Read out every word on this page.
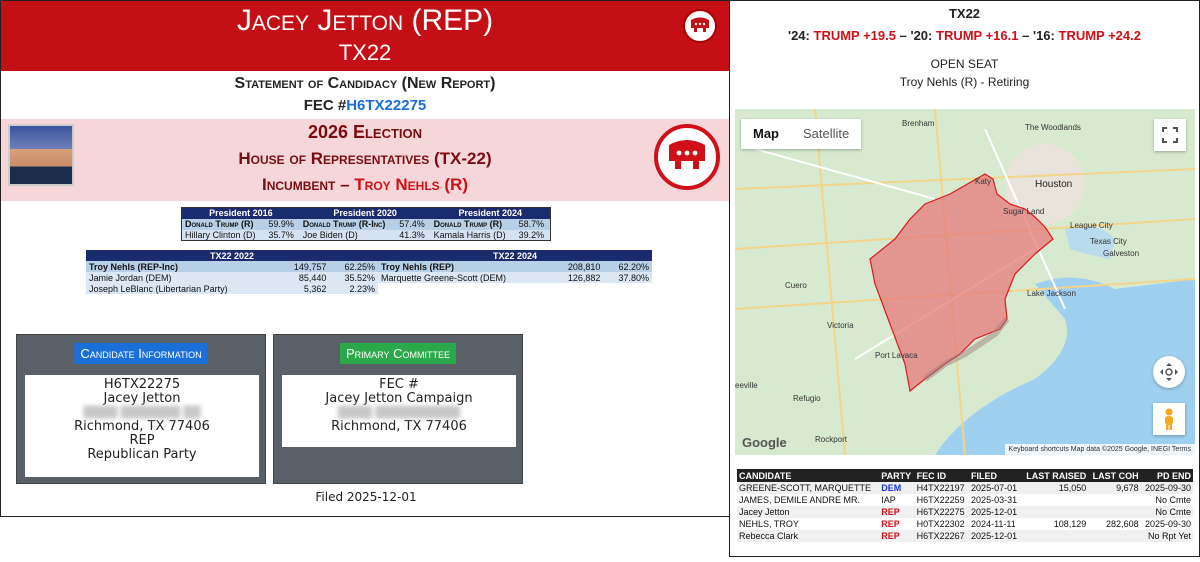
Jacey Jetton (REP)
TX22
Statement of Candidacy (New Report)
FEC #H6TX22275
2026 Election
House of Representatives (TX-22)
Incumbent – Troy Nehls (R)
President 2016		President 2020		President 2024	
Donald Trump (R)	59.9%	Donald Trump (R-Inc)	57.4%	Donald Trump (R)	58.7%
Hillary Clinton (D)	35.7%	Joe Biden (D)	41.3%	Kamala Harris (D)	39.2%
TX22 2022			TX22 2024		
Troy Nehls (REP-Inc)	149,757	62.25%	Troy Nehls (REP)	208,810	62.20%
Jamie Jordan (DEM)	85,440	35.52%	Marquette Greene-Scott (DEM)	126,882	37.80%
Joseph LeBlanc (Libertarian Party)	5,362	2.23%			
Candidate Information
H6TX22275
Jacey Jetton
████ ███████ ██
Richmond, TX 77406
REP
Republican Party
Primary Committee
FEC #
Jacey Jetton Campaign
████ ██████████
Richmond, TX 77406
Filed 2025-12-01
TX22
'24: TRUMP +19.5 – '20: TRUMP +16.1 – '16: TRUMP +24.2
OPEN SEAT
Troy Nehls (R) - Retiring
Map	Satellite
Brenham	The Woodlands
Katy	Houston
Sugar Land
League City
Texas City
Galveston
Lake Jackson
Cuero
Victoria
Port Lavaca
Refugio
Rockport
eeville
Google	Keyboard shortcuts Map data ©2025 Google, INEGI Terms
CANDIDATE	PARTY	FEC ID	FILED	LAST RAISED	LAST COH	PD END
GREENE-SCOTT, MARQUETTE	DEM	H4TX22197	2025-07-01	15,050	9,678	2025-09-30
JAMES, DEMILE ANDRE MR.	IAP	H6TX22259	2025-03-31			No Cmte
Jacey Jetton	REP	H6TX22275	2025-12-01			No Cmte
NEHLS, TROY	REP	H0TX22302	2024-11-11	108,129	282,608	2025-09-30
Rebecca Clark	REP	H6TX22267	2025-12-01			No Rpt Yet
